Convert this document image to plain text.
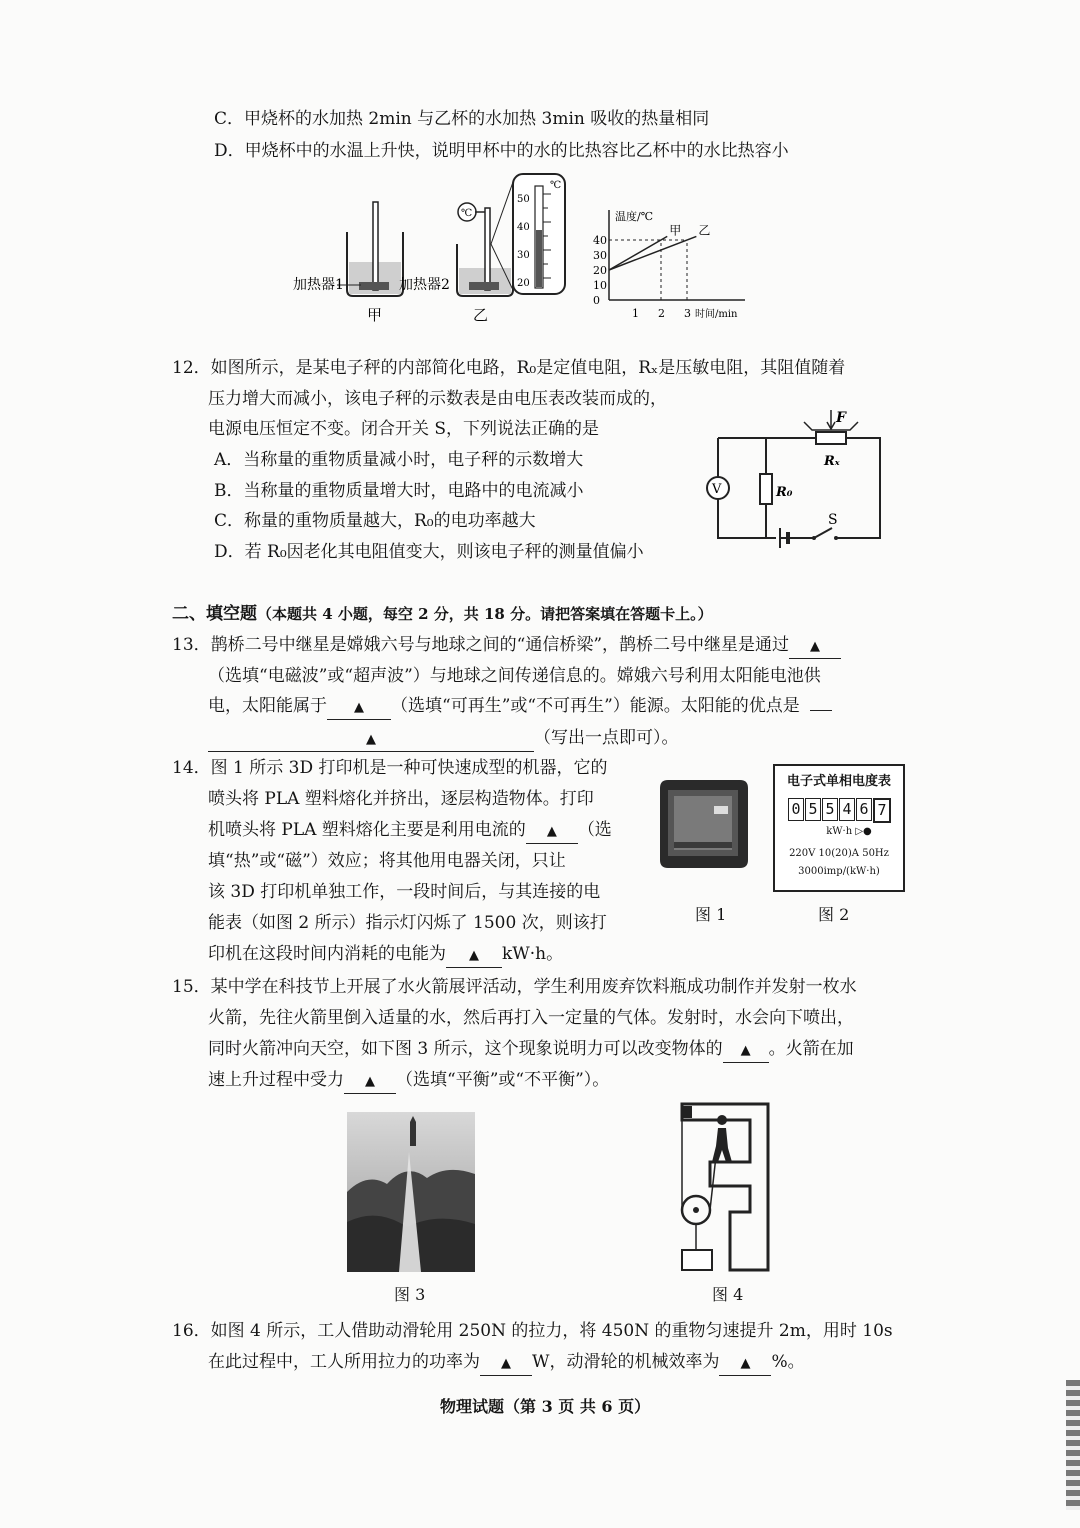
C．甲烧杯的水加热 2min 与乙杯的水加热 3min 吸收的热量相同
D．甲烧杯中的水温上升快，说明甲杯中的水的比热容比乙杯中的水比热容小
加热器1
甲
℃
加热器2
乙
℃
50
40
30
20
温度/℃
时间/min
40
30
20
10
0
1 2 3
甲 乙
12．如图所示，是某电子秤的内部简化电路，R₀是定值电阻，Rₓ是压敏电阻，其阻值随着
压力增大而减小，该电子秤的示数表是由电压表改装而成的，
电源电压恒定不变。闭合开关 S，下列说法正确的是
A．当称量的重物质量减小时，电子秤的示数增大
B．当称量的重物质量增大时，电路中的电流减小
C．称量的重物质量越大，R₀的电功率越大
D．若 R₀因老化其电阻值变大，则该电子秤的测量值偏小
V	R₀
F
Rₓ
S
二、填空题（本题共 4 小题，每空 2 分，共 18 分。请把答案填在答题卡上。）
13．鹊桥二号中继星是嫦娥六号与地球之间的“通信桥梁”，鹊桥二号中继星是通过 ▲
（选填“电磁波”或“超声波”）与地球之间传递信息的。嫦娥六号利用太阳能电池供
电，太阳能属于 ▲ （选填“可再生”或“不可再生”）能源。太阳能的优点是
▲	（写出一点即可）。
14．图 1 所示 3D 打印机是一种可快速成型的机器，它的
喷头将 PLA 塑料熔化并挤出，逐层构造物体。打印
机喷头将 PLA 塑料熔化主要是利用电流的 ▲ （选
填“热”或“磁”）效应；将其他用电器关闭，只让
该 3D 打印机单独工作，一段时间后，与其连接的电
能表（如图 2 所示）指示灯闪烁了 1500 次，则该打
印机在这段时间内消耗的电能为 ▲ kW·h。
图 1
电子式单相电度表
0 5 5 4 6 7
kW·h ▷●
220V 10(20)A 50Hz
3000imp/(kW·h)
图 2
15．某中学在科技节上开展了水火箭展评活动，学生利用废弃饮料瓶成功制作并发射一枚水
火箭，先往火箭里倒入适量的水，然后再打入一定量的气体。发射时，水会向下喷出，
同时火箭冲向天空，如下图 3 所示，这个现象说明力可以改变物体的 ▲ 。火箭在加
速上升过程中受力 ▲ （选填“平衡”或“不平衡”）。
图 3	图 4
16．如图 4 所示，工人借助动滑轮用 250N 的拉力，将 450N 的重物匀速提升 2m，用时 10s
在此过程中，工人所用拉力的功率为 ▲ W，动滑轮的机械效率为 ▲ %。
物理试题（第 3 页 共 6 页）
